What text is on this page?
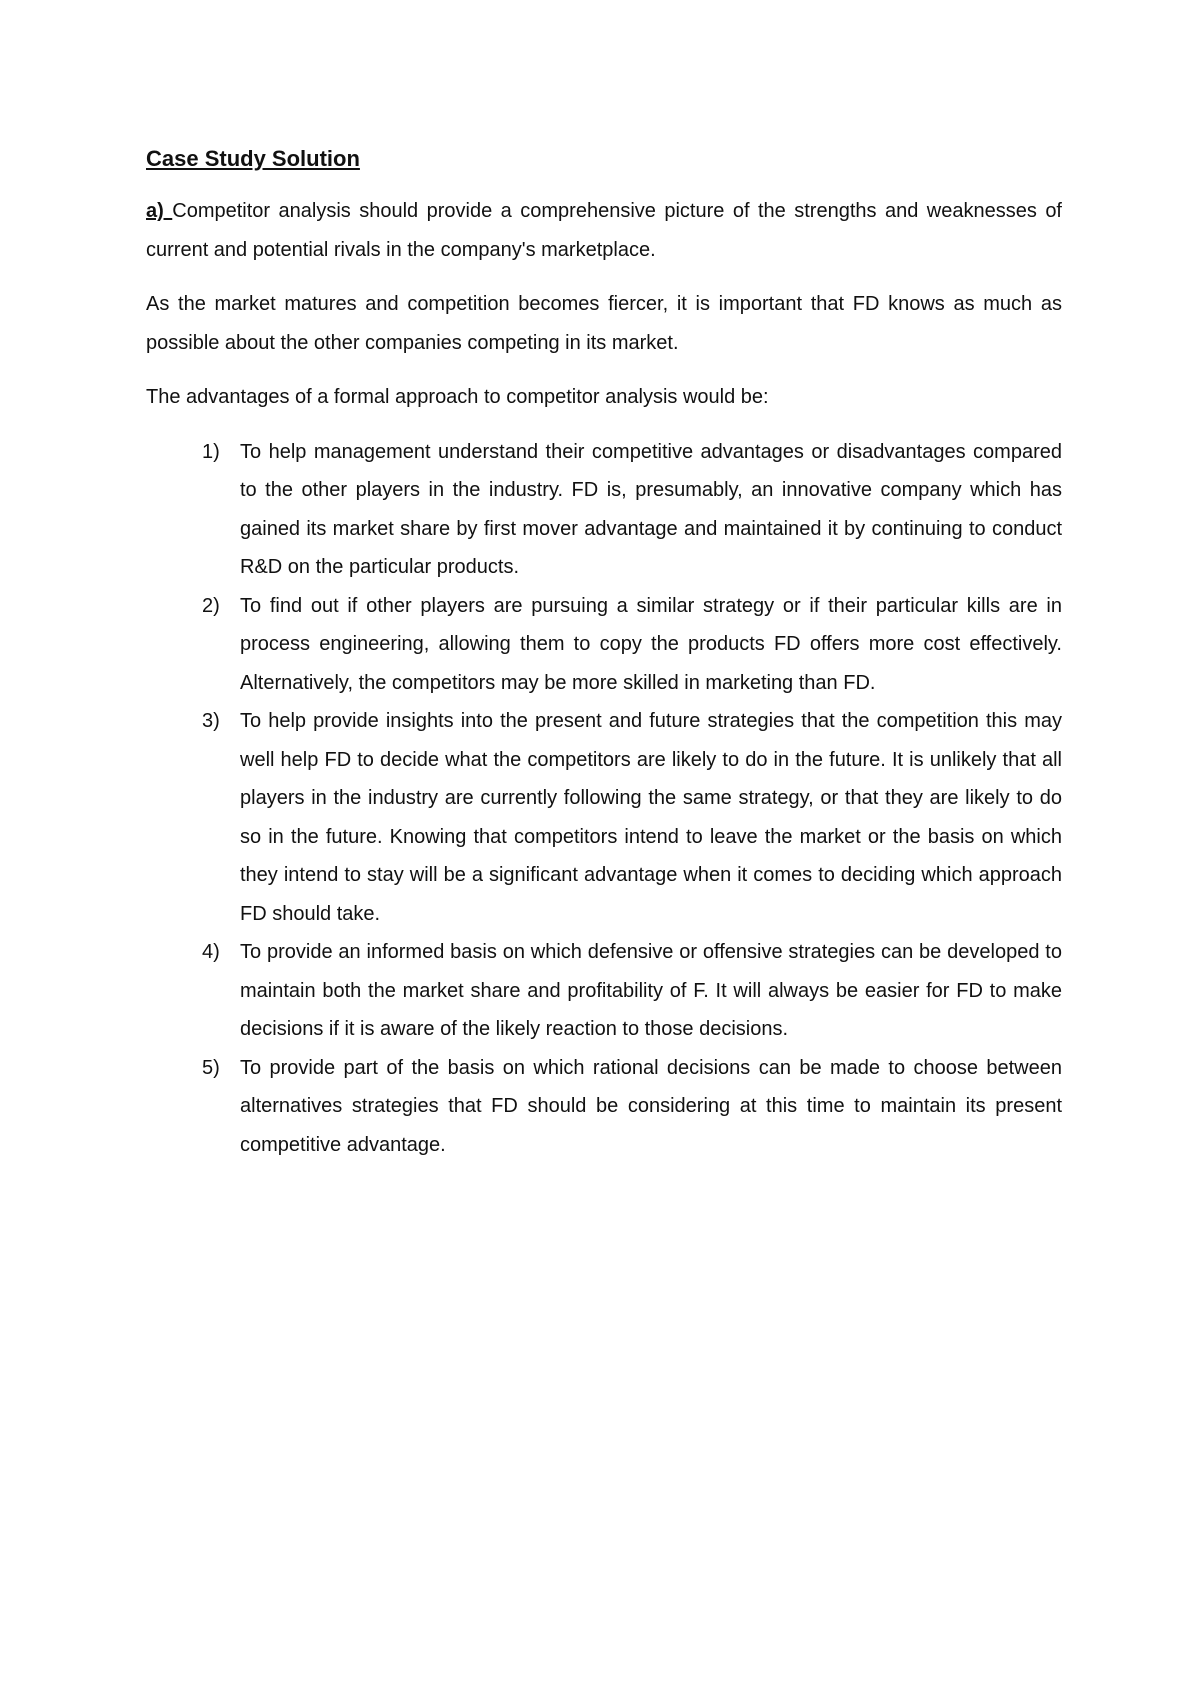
Case Study Solution

a) Competitor analysis should provide a comprehensive picture of the strengths and weaknesses of current and potential rivals in the company's marketplace.

As the market matures and competition becomes fiercer, it is important that FD knows as much as possible about the other companies competing in its market.

The advantages of a formal approach to competitor analysis would be:

1) To help management understand their competitive advantages or disadvantages compared to the other players in the industry. FD is, presumably, an innovative company which has gained its market share by first mover advantage and maintained it by continuing to conduct R&D on the particular products.
2) To find out if other players are pursuing a similar strategy or if their particular kills are in process engineering, allowing them to copy the products FD offers more cost effectively. Alternatively, the competitors may be more skilled in marketing than FD.
3) To help provide insights into the present and future strategies that the competition this may well help FD to decide what the competitors are likely to do in the future. It is unlikely that all players in the industry are currently following the same strategy, or that they are likely to do so in the future. Knowing that competitors intend to leave the market or the basis on which they intend to stay will be a significant advantage when it comes to deciding which approach FD should take.
4) To provide an informed basis on which defensive or offensive strategies can be developed to maintain both the market share and profitability of F. It will always be easier for FD to make decisions if it is aware of the likely reaction to those decisions.
5) To provide part of the basis on which rational decisions can be made to choose between alternatives strategies that FD should be considering at this time to maintain its present competitive advantage.
